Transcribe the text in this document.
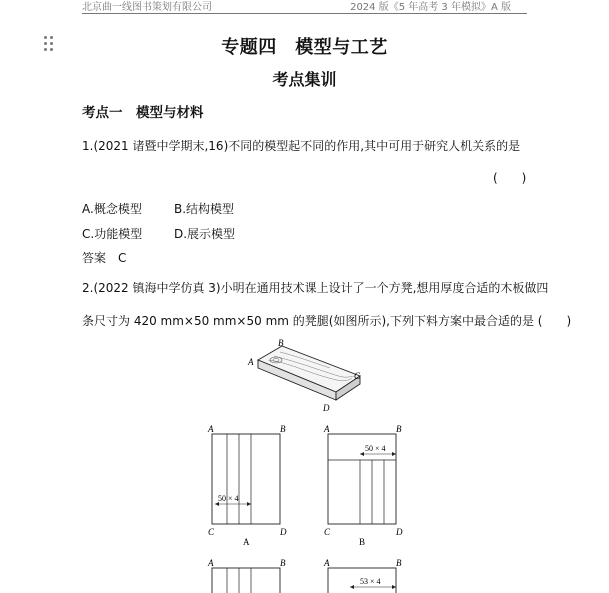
北京曲一线图书策划有限公司	2024 版《5 年高考 3 年模拟》A 版
专题四　模型与工艺
考点集训
考点一　模型与材料
1.(2021 诸暨中学期末,16)不同的模型起不同的作用,其中可用于研究人机关系的是
(　　)
A.概念模型	B.结构模型
C.功能模型	D.展示模型
答案　 C
2.(2022 镇海中学仿真 3)小明在通用技术课上设计了一个方凳,想用厚度合适的木板做四
条尺寸为 420 mm×50 mm×50 mm 的凳腿(如图所示),下列下料方案中最合适的是 (　　)
A
B
C
D
50 × 4
A	B
C	D
A
50 × 4
A	B
C	D
B
A	B
53 × 4
A	B
